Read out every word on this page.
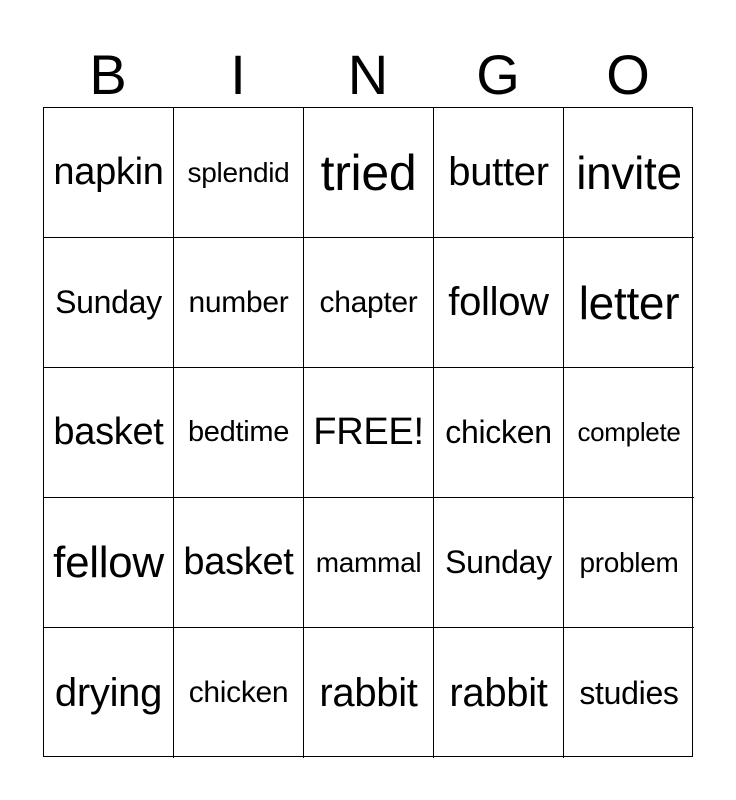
B	I	N	G	O
napkin splendid tried butter invite
Sunday number	chapter follow letter
basket bedtime FREE! chicken complete
fellow basket mammal Sunday problem
drying chicken rabbit rabbit studies
